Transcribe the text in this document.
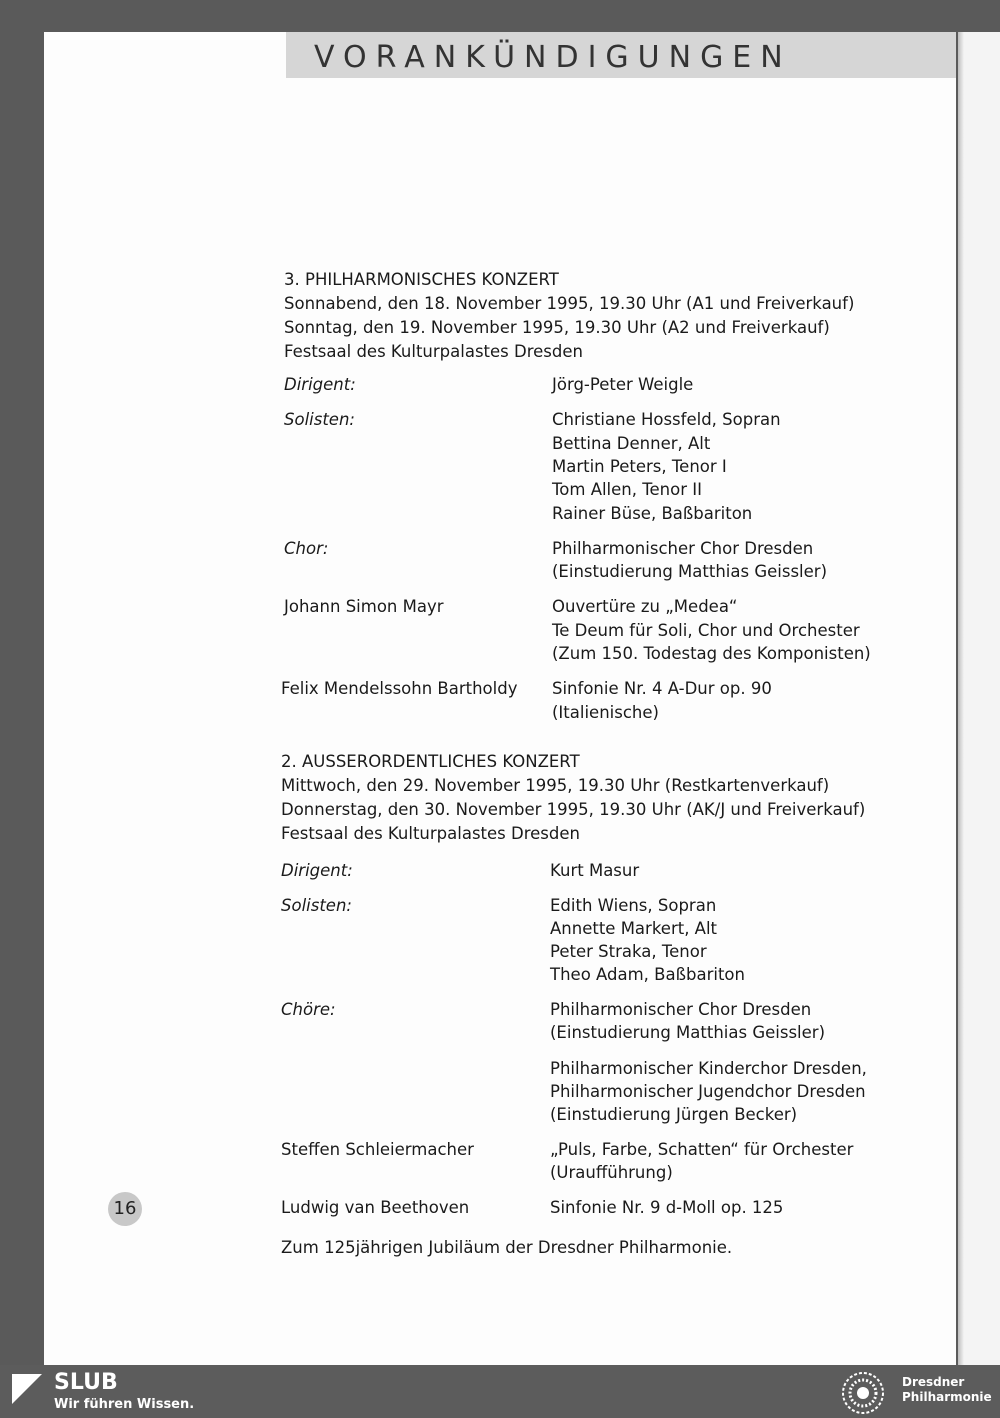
VORANKÜNDIGUNGEN
3. PHILHARMONISCHES KONZERT
Sonnabend, den 18. November 1995, 19.30 Uhr (A1 und Freiverkauf)
Sonntag, den 19. November 1995, 19.30 Uhr (A2 und Freiverkauf)
Festsaal des Kulturpalastes Dresden
Dirigent:	Jörg-Peter Weigle
Solisten:	Christiane Hossfeld, Sopran
Bettina Denner, Alt
Martin Peters, Tenor I
Tom Allen, Tenor II
Rainer Büse, Baßbariton
Chor:	Philharmonischer Chor Dresden
(Einstudierung Matthias Geissler)
Johann Simon Mayr	Ouvertüre zu „Medea“
Te Deum für Soli, Chor und Orchester
(Zum 150. Todestag des Komponisten)
Felix Mendelssohn Bartholdy Sinfonie Nr. 4 A-Dur op. 90
(Italienische)
2. AUSSERORDENTLICHES KONZERT
Mittwoch, den 29. November 1995, 19.30 Uhr (Restkartenverkauf)
Donnerstag, den 30. November 1995, 19.30 Uhr (AK/J und Freiverkauf)
Festsaal des Kulturpalastes Dresden
Dirigent:	Kurt Masur
Solisten:	Edith Wiens, Sopran
Annette Markert, Alt
Peter Straka, Tenor
Theo Adam, Baßbariton
Chöre:	Philharmonischer Chor Dresden
(Einstudierung Matthias Geissler)
Philharmonischer Kinderchor Dresden,
Philharmonischer Jugendchor Dresden
(Einstudierung Jürgen Becker)
Steffen Schleiermacher	„Puls, Farbe, Schatten“ für Orchester
(Uraufführung)
Ludwig van Beethoven	Sinfonie Nr. 9 d-Moll op. 125
Zum 125jährigen Jubiläum der Dresdner Philharmonie.
16
SLUB
Wir führen Wissen.
Dresdner
Philharmonie
